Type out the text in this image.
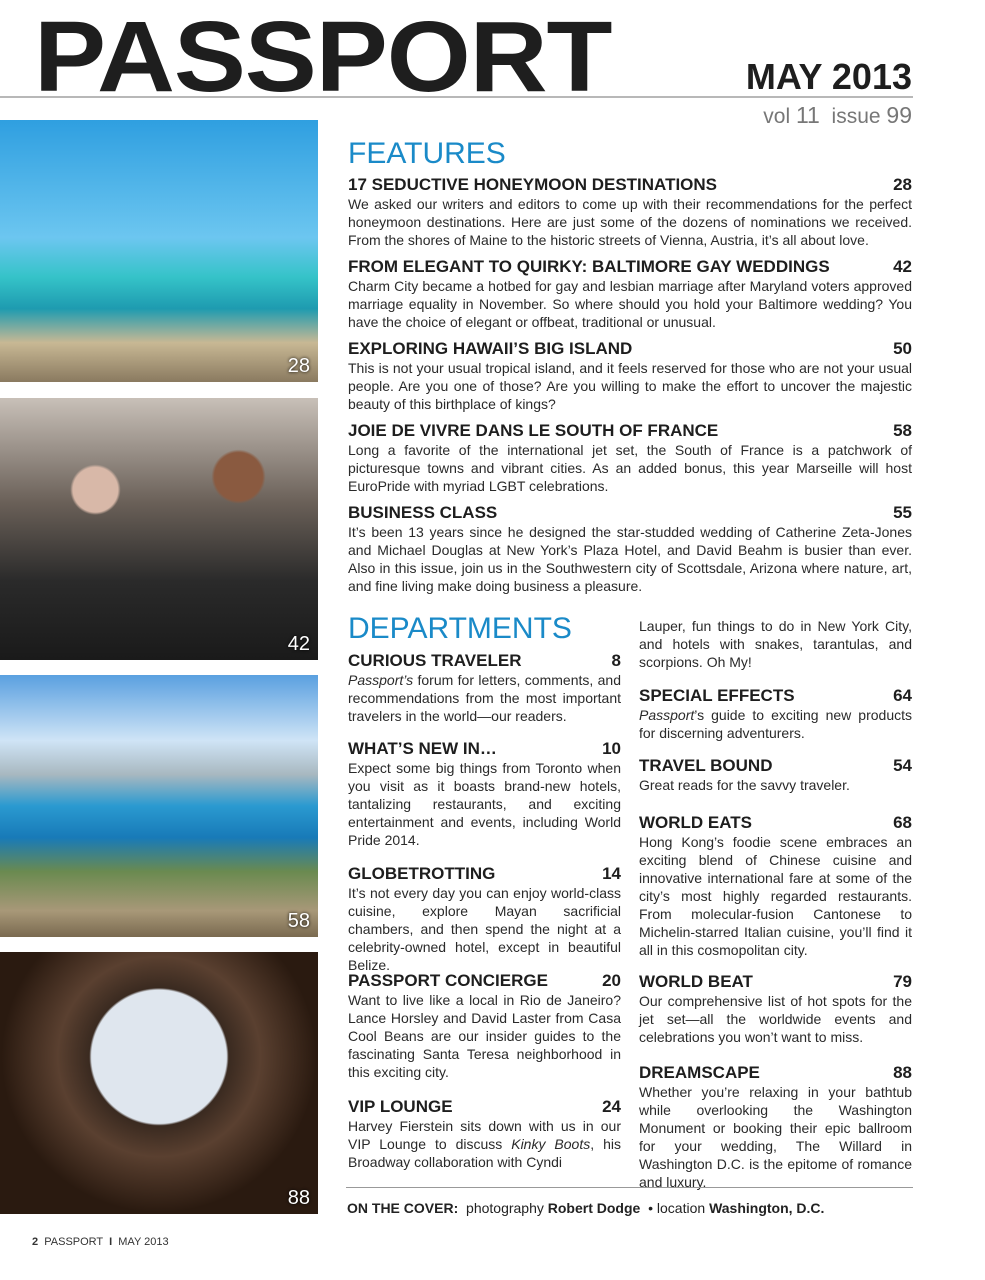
PASSPORT	MAY 2013
vol 11 issue 99
28
42
58
88
FEATURES
17 SEDUCTIVE HONEYMOON DESTINATIONS	28

We asked our writers and editors to come up with their recommendations for the perfect honeymoon destinations. Here are just some of the dozens of nominations we received. From the shores of Maine to the historic streets of Vienna, Austria, it’s all about love.

FROM ELEGANT TO QUIRKY: BALTIMORE GAY WEDDINGS	42

Charm City became a hotbed for gay and lesbian marriage after Maryland voters approved marriage equality in November. So where should you hold your Baltimore wedding? You have the choice of elegant or offbeat, traditional or unusual.

EXPLORING HAWAII’S BIG ISLAND	50

This is not your usual tropical island, and it feels reserved for those who are not your usual people. Are you one of those? Are you willing to make the effort to uncover the majestic beauty of this birthplace of kings?

JOIE DE VIVRE DANS LE SOUTH OF FRANCE	58

Long a favorite of the international jet set, the South of France is a patchwork of picturesque towns and vibrant cities. As an added bonus, this year Marseille will host EuroPride with myriad LGBT celebrations.

BUSINESS CLASS	55

It’s been 13 years since he designed the star-studded wedding of Catherine Zeta-Jones and Michael Douglas at New York’s Plaza Hotel, and David Beahm is busier than ever. Also in this issue, join us in the Southwestern city of Scottsdale, Arizona where nature, art, and fine living make doing business a pleasure.

DEPARTMENTS
CURIOUS TRAVELER	8

Passport’s forum for letters, comments, and recommendations from the most important travelers in the world—our readers.

WHAT’S NEW IN…	10

Expect some big things from Toronto when you visit as it boasts brand-new hotels, tantalizing restaurants, and exciting entertainment and events, including World Pride 2014.

GLOBETROTTING	14

It’s not every day you can enjoy world-class cuisine, explore Mayan sacrificial chambers, and then spend the night at a celebrity-owned hotel, except in beautiful Belize.

PASSPORT CONCIERGE	20

Want to live like a local in Rio de Janeiro? Lance Horsley and David Laster from Casa Cool Beans are our insider guides to the fascinating Santa Teresa neighborhood in this exciting city.

VIP LOUNGE	24

Harvey Fierstein sits down with us in our VIP Lounge to discuss Kinky Boots, his Broadway collaboration with Cyndi

Lauper, fun things to do in New York City, and hotels with snakes, tarantulas, and scorpions. Oh My!

SPECIAL EFFECTS	64

Passport’s guide to exciting new products for discerning adventurers.

TRAVEL BOUND	54

Great reads for the savvy traveler.

WORLD EATS	68

Hong Kong’s foodie scene embraces an exciting blend of Chinese cuisine and innovative international fare at some of the city’s most highly regarded restaurants. From molecular-fusion Cantonese to Michelin-starred Italian cuisine, you’ll find it all in this cosmopolitan city.

WORLD BEAT	79

Our comprehensive list of hot spots for the jet set—all the worldwide events and celebrations you won’t want to miss.

DREAMSCAPE	88

Whether you’re relaxing in your bathtub while overlooking the Washington Monument or booking their epic ballroom for your wedding, The Willard in Washington D.C. is the epitome of romance and luxury.

ON THE COVER: photography Robert Dodge  • location Washington, D.C.
2 PASSPORT I MAY 2013
